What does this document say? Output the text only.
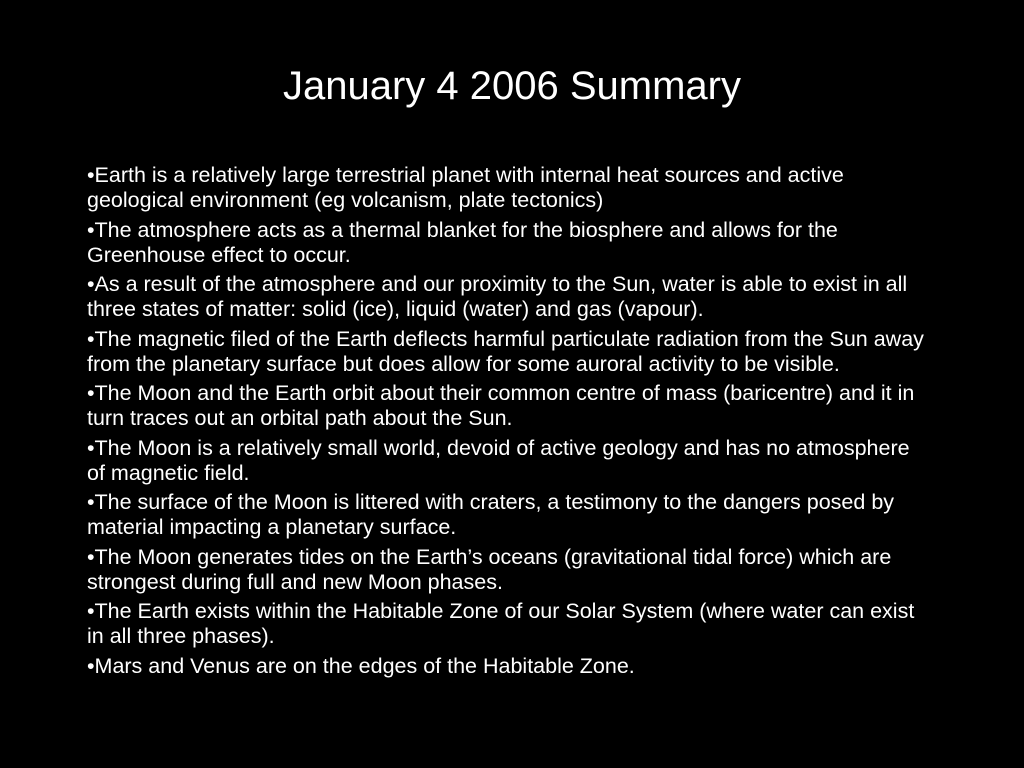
January 4 2006 Summary
•Earth is a relatively large terrestrial planet with internal heat sources and active geological environment (eg volcanism, plate tectonics)
•The atmosphere acts as a thermal blanket for the biosphere and allows for the Greenhouse effect to occur.
•As a result of the atmosphere and our proximity to the Sun, water is able to exist in all three states of matter: solid (ice), liquid (water) and gas (vapour).
•The magnetic filed of the Earth deflects harmful particulate radiation from the Sun away from the planetary surface but does allow for some auroral activity to be visible.
•The Moon and the Earth orbit about their common centre of mass (baricentre) and it in turn traces out an orbital path about the Sun.
•The Moon is a relatively small world, devoid of active geology and has no atmosphere of magnetic field.
•The surface of the Moon is littered with craters, a testimony to the dangers posed by material impacting a planetary surface.
•The Moon generates tides on the Earth’s oceans (gravitational tidal force) which are strongest during full and new Moon phases.
•The Earth exists within the Habitable Zone of our Solar System (where water can exist in all three phases).
•Mars and Venus are on the edges of the Habitable Zone.
